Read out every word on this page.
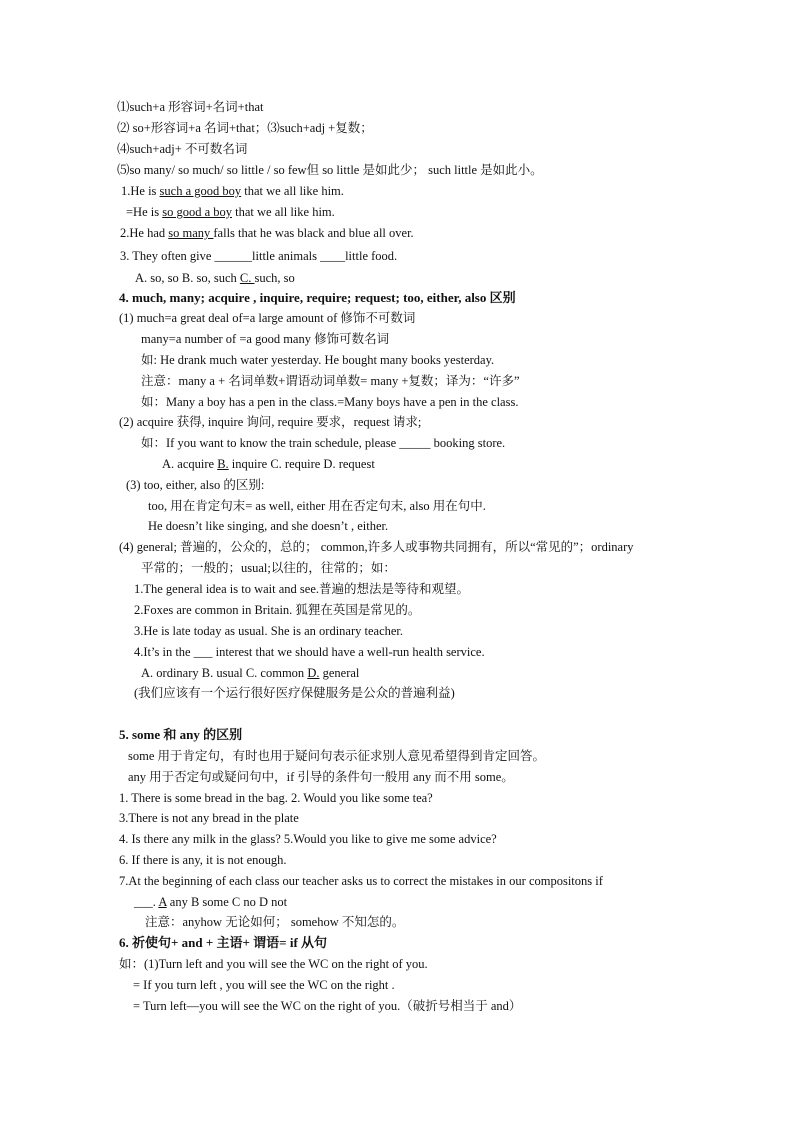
⑴such+a 形容词+名词+that
⑵ so+形容词+a 名词+that；⑶such+adj +复数；
⑷such+adj+ 不可数名词
⑸so many/ so much/ so little / so few但 so little 是如此少； such little 是如此小。
1.He is such a good boy that we all like him.
=He is so good a boy that we all like him.
2.He had so many falls that he was black and blue all over.
3. They often give ______little animals ____little food.
A. so, so B. so, such C. such, so
4. much, many; acquire , inquire, require; request; too, either, also 区别
(1) much=a great deal of=a large amount of 修饰不可数词
many=a number of =a good many 修饰可数名词
如: He drank much water yesterday. He bought many books yesterday.
注意：many a + 名词单数+谓语动词单数= many +复数；译为：“许多”
如：Many a boy has a pen in the class.=Many boys have a pen in the class.
(2) acquire 获得, inquire 询问, require 要求，request 请求;
如：If you want to know the train schedule, please _____ booking store.
A. acquire B. inquire C. require D. request
(3) too, either, also 的区别:
too, 用在肯定句末= as well, either 用在否定句末, also 用在句中.
He doesn’t like singing, and she doesn’t , either.
(4) general; 普遍的，公众的，总的； common,许多人或事物共同拥有，所以“常见的”；ordinary
平常的；一般的；usual;以往的，往常的；如：
1.The general idea is to wait and see.普遍的想法是等待和观望。
2.Foxes are common in Britain. 狐狸在英国是常见的。
3.He is late today as usual. She is an ordinary teacher.
4.It’s in the ___ interest that we should have a well-run health service.
A. ordinary B. usual C. common D. general
(我们应该有一个运行很好医疗保健服务是公众的普遍利益)
5. some 和 any 的区别
some 用于肯定句，有时也用于疑问句表示征求别人意见希望得到肯定回答。
any 用于否定句或疑问句中，if 引导的条件句一般用 any 而不用 some。
1. There is some bread in the bag. 2. Would you like some tea?
3.There is not any bread in the plate
4. Is there any milk in the glass? 5.Would you like to give me some advice?
6. If there is any, it is not enough.
7.At the beginning of each class our teacher asks us to correct the mistakes in our compositons if
___. A any B some C no D not
注意：anyhow 无论如何； somehow 不知怎的。
6. 祈使句+ and + 主语+ 谓语= if 从句
如：(1)Turn left and you will see the WC on the right of you.
= If you turn left , you will see the WC on the right .
= Turn left—you will see the WC on the right of you.（破折号相当于 and）
